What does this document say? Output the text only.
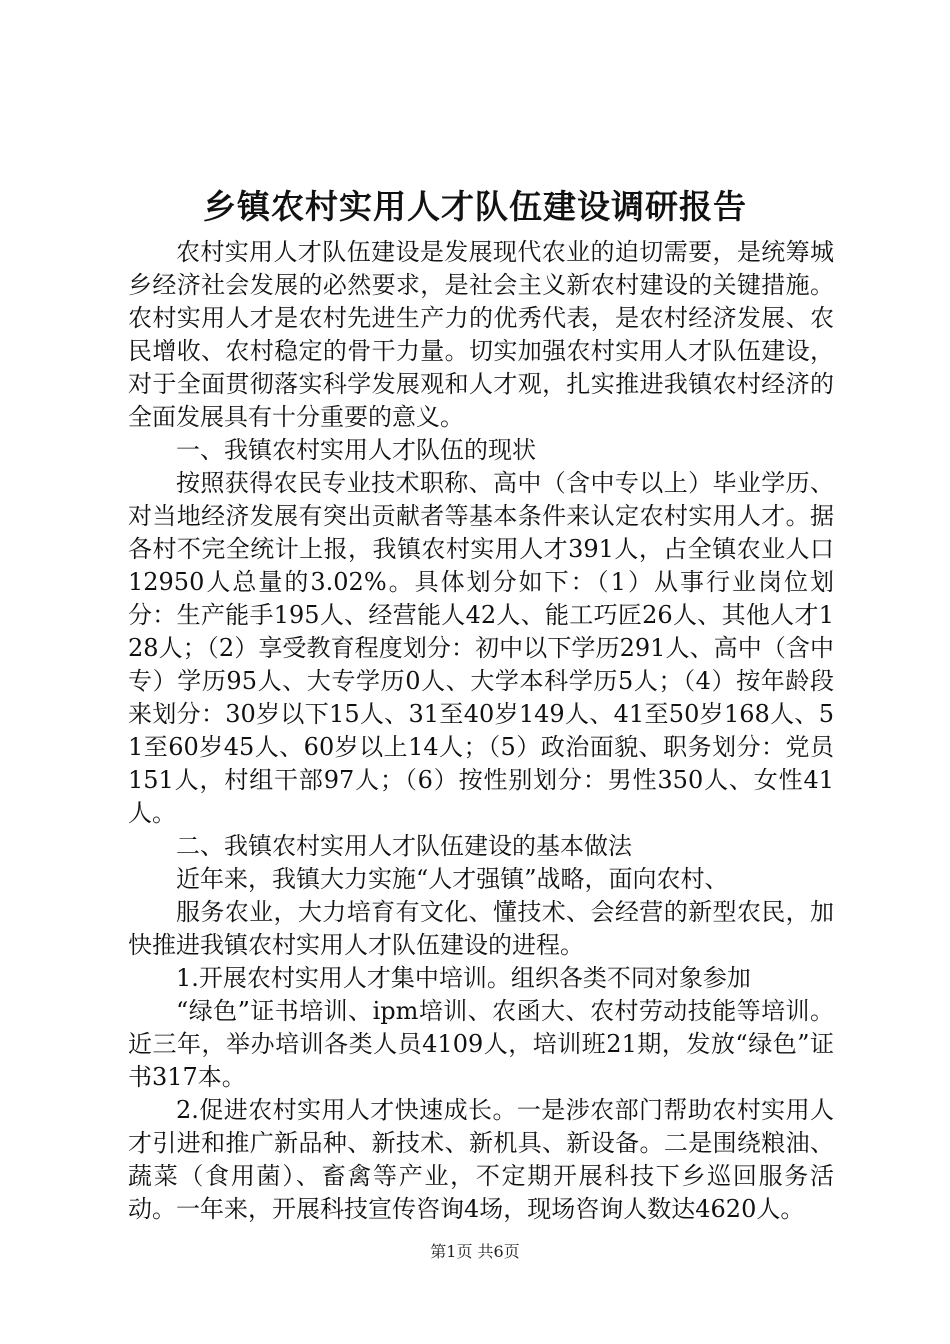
乡镇农村实用人才队伍建设调研报告

农村实用人才队伍建设是发展现代农业的迫切需要，是统筹城乡经济社会发展的必然要求，是社会主义新农村建设的关键措施。农村实用人才是农村先进生产力的优秀代表，是农村经济发展、农民增收、农村稳定的骨干力量。切实加强农村实用人才队伍建设，对于全面贯彻落实科学发展观和人才观，扎实推进我镇农村经济的全面发展具有十分重要的意义。

一、我镇农村实用人才队伍的现状

按照获得农民专业技术职称、高中（含中专以上）毕业学历、对当地经济发展有突出贡献者等基本条件来认定农村实用人才。据各村不完全统计上报，我镇农村实用人才391人，占全镇农业人口12950人总量的3.02%。具体划分如下：（1）从事行业岗位划分：生产能手195人、经营能人42人、能工巧匠26人、其他人才128人；（2）享受教育程度划分：初中以下学历291人、高中（含中专）学历95人、大专学历0人、大学本科学历5人；（4）按年龄段来划分：30岁以下15人、31至40岁149人、41至50岁168人、51至60岁45人、60岁以上14人；（5）政治面貌、职务划分：党员151人，村组干部97人；（6）按性别划分：男性350人、女性41人。

二、我镇农村实用人才队伍建设的基本做法

近年来，我镇大力实施“人才强镇”战略，面向农村、

服务农业，大力培育有文化、懂技术、会经营的新型农民，加快推进我镇农村实用人才队伍建设的进程。

1.开展农村实用人才集中培训。组织各类不同对象参加

“绿色”证书培训、ipm培训、农函大、农村劳动技能等培训。近三年，举办培训各类人员4109人，培训班21期，发放“绿色”证书317本。

2.促进农村实用人才快速成长。一是涉农部门帮助农村实用人才引进和推广新品种、新技术、新机具、新设备。二是围绕粮油、蔬菜（食用菌）、畜禽等产业，不定期开展科技下乡巡回服务活动。一年来，开展科技宣传咨询4场，现场咨询人数达4620人。

第1页 共6页
